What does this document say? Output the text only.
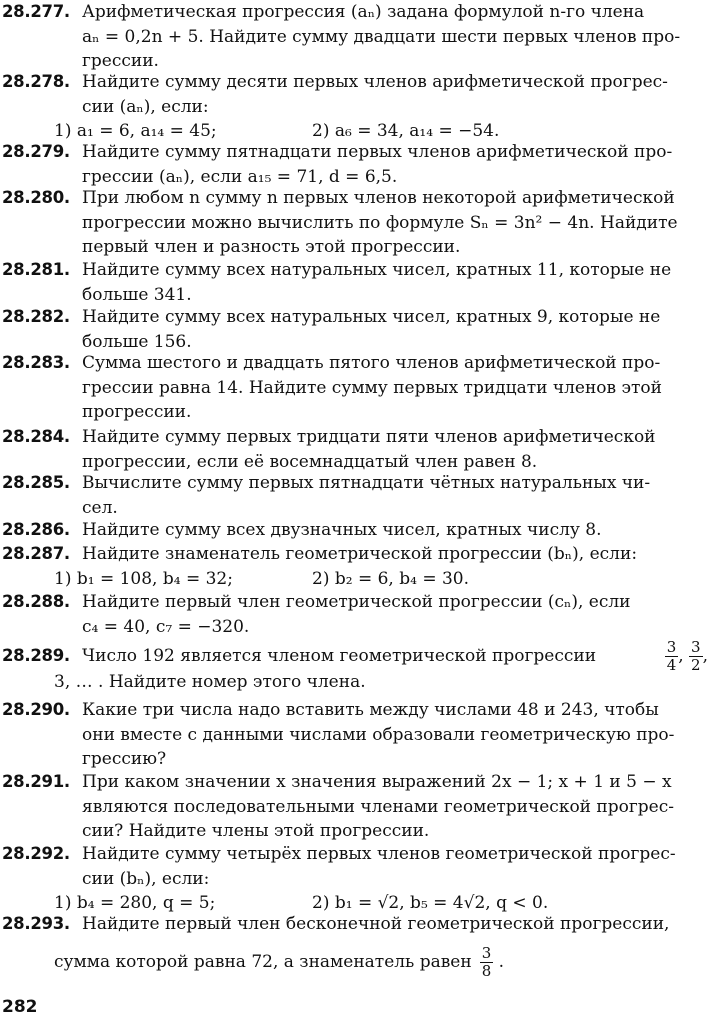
28.277. Арифметическая прогрессия (aₙ) задана формулой n-го члена

aₙ = 0,2n + 5. Найдите сумму двадцати шести первых членов про-

грессии.

28.278. Найдите сумму десяти первых членов арифметической прогрес-

сии (aₙ), если:

1) a₁ = 6, a₁₄ = 45;	2) a₆ = 34, a₁₄ = −54.
28.279. Найдите сумму пятнадцати первых членов арифметической про-

грессии (aₙ), если a₁₅ = 71, d = 6,5.

28.280. При любом n сумму n первых членов некоторой арифметической

прогрессии можно вычислить по формуле Sₙ = 3n² − 4n. Найдите

первый член и разность этой прогрессии.

28.281. Найдите сумму всех натуральных чисел, кратных 11, которые не

больше 341.

28.282. Найдите сумму всех натуральных чисел, кратных 9, которые не

больше 156.

28.283. Сумма шестого и двадцать пятого членов арифметической про-

грессии равна 14. Найдите сумму первых тридцати членов этой

прогрессии.

28.284. Найдите сумму первых тридцати пяти членов арифметической

прогрессии, если её восемнадцатый член равен 8.

28.285. Вычислите сумму первых пятнадцати чётных натуральных чи-

сел.

28.286. Найдите сумму всех двузначных чисел, кратных числу 8.

28.287. Найдите знаменатель геометрической прогрессии (bₙ), если:

1) b₁ = 108, b₄ = 32;	2) b₂ = 6, b₄ = 30.
28.288. Найдите первый член геометрической прогрессии (cₙ), если

c₄ = 40, c₇ = −320.

28.289. Число 192 является членом геометрической прогрессии	$\frac{3}{4}$ , $\frac{3}{2}$ ,

3, … . Найдите номер этого члена.

28.290. Какие три числа надо вставить между числами 48 и 243, чтобы

они вместе с данными числами образовали геометрическую про-

грессию?

28.291. При каком значении x значения выражений 2x − 1; x + 1 и 5 − x

являются последовательными членами геометрической прогрес-

сии? Найдите члены этой прогрессии.

28.292. Найдите сумму четырёх первых членов геометрической прогрес-

сии (bₙ), если:

1) b₄ = 280, q = 5;	2) b₁ = √2, b₅ = 4√2, q < 0.
28.293. Найдите первый член бесконечной геометрической прогрессии,

сумма которой равна 72, а знаменатель равен $\frac{3}{8}$ .
282
